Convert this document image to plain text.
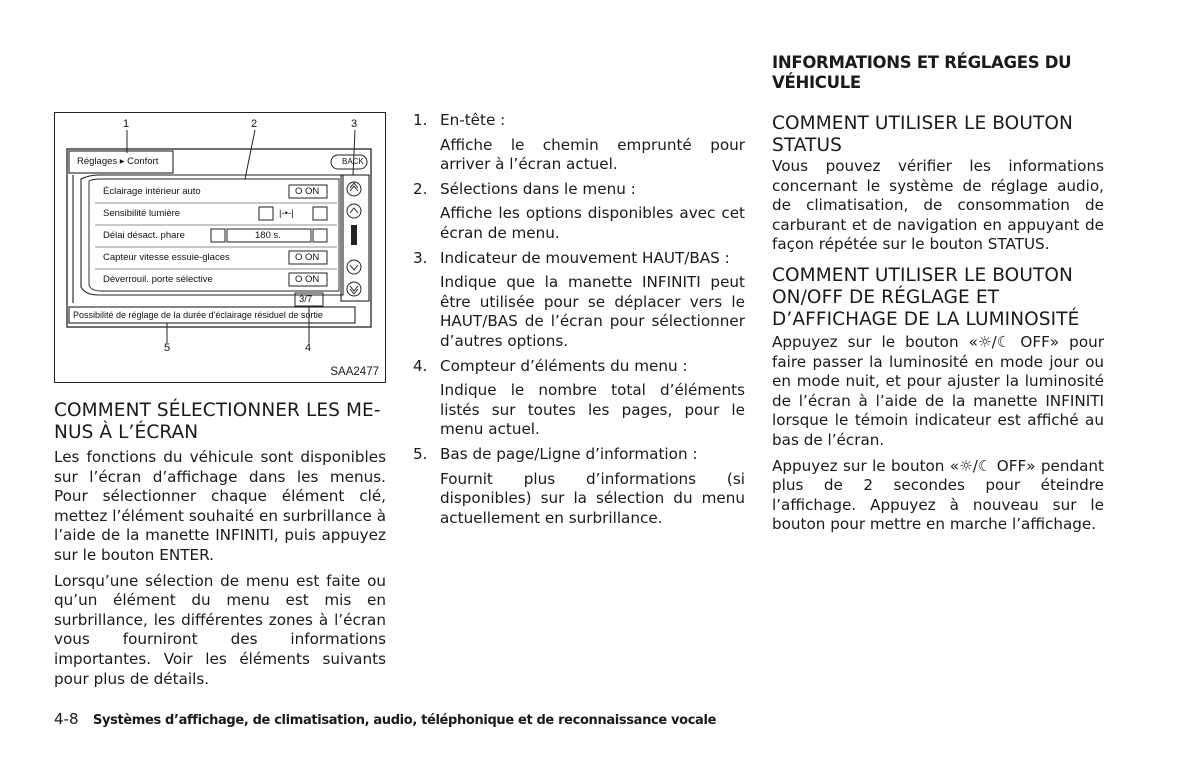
1	2	3
4
5
Réglages ▸ Confort	BACK
Éclairage intérieur auto	O ON
Sensibilité lumière	|-•-|
Délai désact. phare	180 s.
Capteur vitesse essuie-glaces	O ON
Déverrouil. porte sélective	O ON
3/7
Possibilité de réglage de la durée d'éclairage résiduel de sortie
SAA2477
COMMENT SÉLECTIONNER LES ME-NUS À L’ÉCRAN

Les fonctions du véhicule sont disponibles sur l’écran d’affichage dans les menus. Pour sélectionner chaque élément clé, mettez l’élément souhaité en surbrillance à l’aide de la manette INFINITI, puis appuyez sur le bouton ENTER.

Lorsqu’une sélection de menu est faite ou qu’un élément du menu est mis en surbrillance, les différentes zones à l’écran vous fourniront des informations importantes. Voir les éléments suivants pour plus de détails.

1. En-tête :
Affiche le chemin emprunté pour arriver à l’écran actuel.
2. Sélections dans le menu :
Affiche les options disponibles avec cet écran de menu.
3. Indicateur de mouvement HAUT/BAS :
Indique que la manette INFINITI peut être utilisée pour se déplacer vers le HAUT/BAS de l’écran pour sélectionner d’autres options.
4. Compteur d’éléments du menu :
Indique le nombre total d’éléments listés sur toutes les pages, pour le menu actuel.
5. Bas de page/Ligne d’information :
Fournit plus d’informations (si disponibles) sur la sélection du menu actuellement en surbrillance.
INFORMATIONS ET RÉGLAGES DU VÉHICULE
COMMENT UTILISER LE BOUTON STATUS

Vous pouvez vérifier les informations concernant le système de réglage audio, de climatisation, de consommation de carburant et de navigation en appuyant de façon répétée sur le bouton STATUS.

COMMENT UTILISER LE BOUTON ON/OFF DE RÉGLAGE ET D’AFFICHAGE DE LA LUMINOSITÉ

Appuyez sur le bouton «☼/☾ OFF» pour faire passer la luminosité en mode jour ou en mode nuit, et pour ajuster la luminosité de l’écran à l’aide de la manette INFINITI lorsque le témoin indicateur est affiché au bas de l’écran.

Appuyez sur le bouton «☼/☾ OFF» pendant plus de 2 secondes pour éteindre l’affichage. Appuyez à nouveau sur le bouton pour mettre en marche l’affichage.

4-8 Systèmes d’affichage, de climatisation, audio, téléphonique et de reconnaissance vocale
